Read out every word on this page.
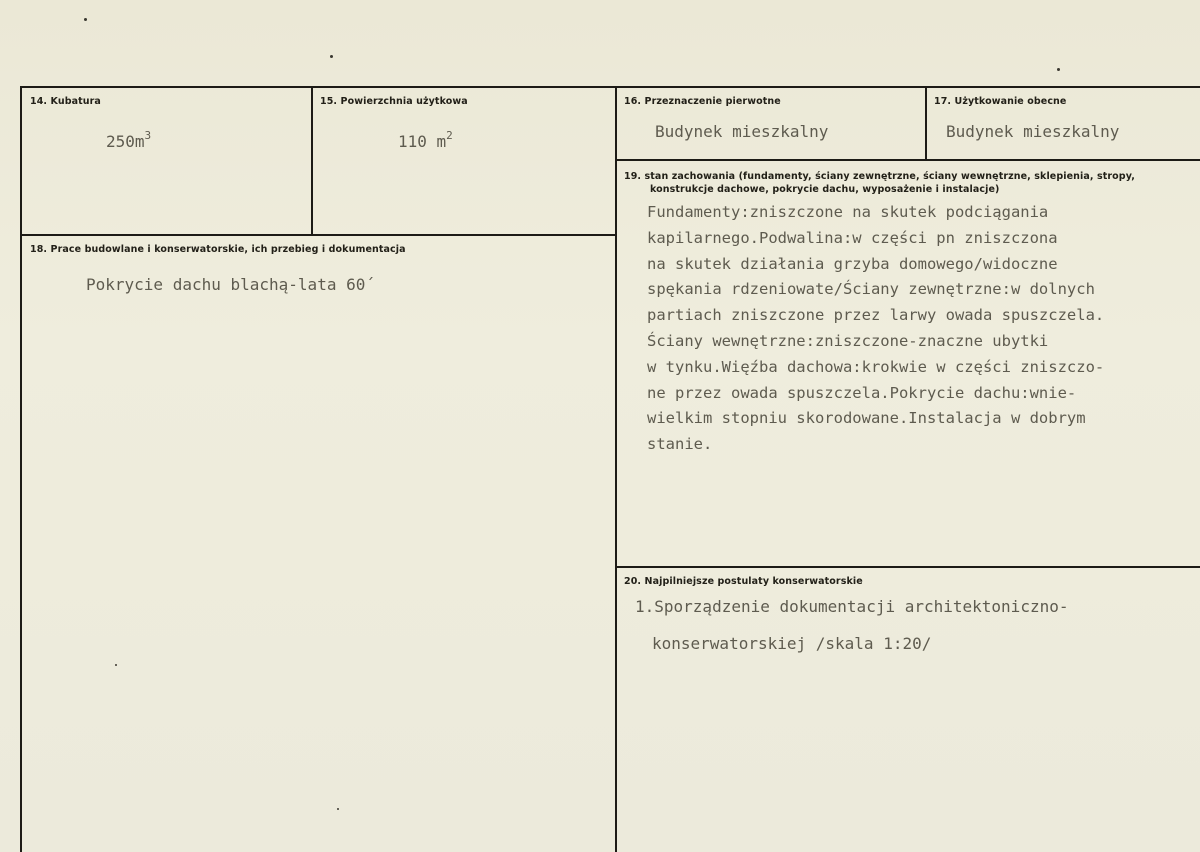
14. Kubatura
$250m^3$
15. Powierzchnia użytkowa
110 $m^2$
16. Przeznaczenie pierwotne
Budynek mieszkalny
17. Użytkowanie obecne
Budynek mieszkalny
18. Prace budowlane i konserwatorskie, ich przebieg i dokumentacja
Pokrycie dachu blachą-lata 60´
19. stan zachowania (fundamenty, ściany zewnętrzne, ściany wewnętrzne, sklepienia, stropy,
konstrukcje dachowe, pokrycie dachu, wyposażenie i instalacje)
Fundamenty:zniszczone na skutek podciągania
kapilarnego.Podwalina:w części pn zniszczona
na skutek działania grzyba domowego/widoczne
spękania rdzeniowate/Ściany zewnętrzne:w dolnych
partiach zniszczone przez larwy owada spuszczela.
Ściany wewnętrzne:zniszczone-znaczne ubytki
w tynku.Więźba dachowa:krokwie w części zniszczo-
ne przez owada spuszczela.Pokrycie dachu:wnie-
wielkim stopniu skorodowane.Instalacja w dobrym
stanie.
20. Najpilniejsze postulaty konserwatorskie
1.Sporządzenie dokumentacji architektoniczno-
konserwatorskiej /skala 1:20/
